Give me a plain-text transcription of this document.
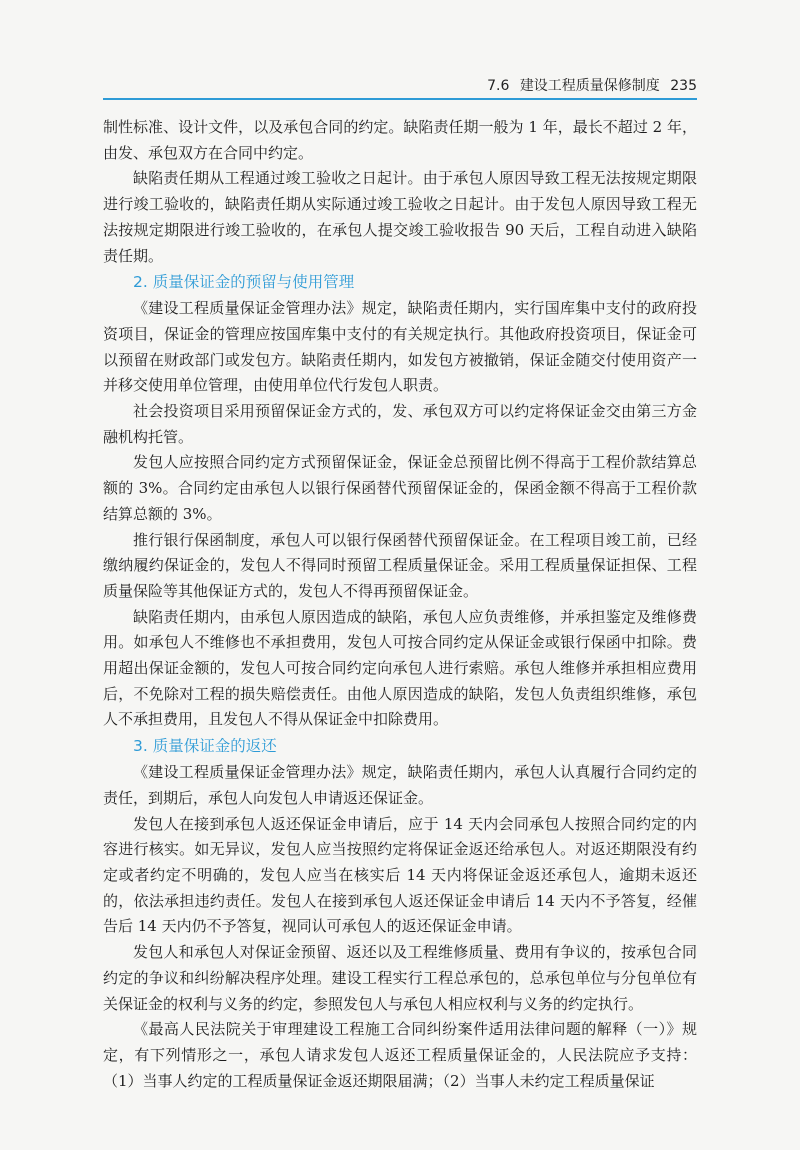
7.6 建设工程质量保修制度 235

制性标准、设计文件，以及承包合同的约定。缺陷责任期一般为 1 年，最长不超过 2 年，由发、承包双方在合同中约定。

缺陷责任期从工程通过竣工验收之日起计。由于承包人原因导致工程无法按规定期限进行竣工验收的，缺陷责任期从实际通过竣工验收之日起计。由于发包人原因导致工程无法按规定期限进行竣工验收的，在承包人提交竣工验收报告 90 天后，工程自动进入缺陷责任期。

2. 质量保证金的预留与使用管理

《建设工程质量保证金管理办法》规定，缺陷责任期内，实行国库集中支付的政府投资项目，保证金的管理应按国库集中支付的有关规定执行。其他政府投资项目，保证金可以预留在财政部门或发包方。缺陷责任期内，如发包方被撤销，保证金随交付使用资产一并移交使用单位管理，由使用单位代行发包人职责。

社会投资项目采用预留保证金方式的，发、承包双方可以约定将保证金交由第三方金融机构托管。

发包人应按照合同约定方式预留保证金，保证金总预留比例不得高于工程价款结算总额的 3%。合同约定由承包人以银行保函替代预留保证金的，保函金额不得高于工程价款结算总额的 3%。

推行银行保函制度，承包人可以银行保函替代预留保证金。在工程项目竣工前，已经缴纳履约保证金的，发包人不得同时预留工程质量保证金。采用工程质量保证担保、工程质量保险等其他保证方式的，发包人不得再预留保证金。

缺陷责任期内，由承包人原因造成的缺陷，承包人应负责维修，并承担鉴定及维修费用。如承包人不维修也不承担费用，发包人可按合同约定从保证金或银行保函中扣除。费用超出保证金额的，发包人可按合同约定向承包人进行索赔。承包人维修并承担相应费用后，不免除对工程的损失赔偿责任。由他人原因造成的缺陷，发包人负责组织维修，承包人不承担费用，且发包人不得从保证金中扣除费用。

3. 质量保证金的返还

《建设工程质量保证金管理办法》规定，缺陷责任期内，承包人认真履行合同约定的责任，到期后，承包人向发包人申请返还保证金。

发包人在接到承包人返还保证金申请后，应于 14 天内会同承包人按照合同约定的内容进行核实。如无异议，发包人应当按照约定将保证金返还给承包人。对返还期限没有约定或者约定不明确的，发包人应当在核实后 14 天内将保证金返还承包人，逾期未返还的，依法承担违约责任。发包人在接到承包人返还保证金申请后 14 天内不予答复，经催告后 14 天内仍不予答复，视同认可承包人的返还保证金申请。

发包人和承包人对保证金预留、返还以及工程维修质量、费用有争议的，按承包合同约定的争议和纠纷解决程序处理。建设工程实行工程总承包的，总承包单位与分包单位有关保证金的权利与义务的约定，参照发包人与承包人相应权利与义务的约定执行。

《最高人民法院关于审理建设工程施工合同纠纷案件适用法律问题的解释（一）》规定，有下列情形之一，承包人请求发包人返还工程质量保证金的，人民法院应予支持：（1）当事人约定的工程质量保证金返还期限届满；（2）当事人未约定工程质量保证
